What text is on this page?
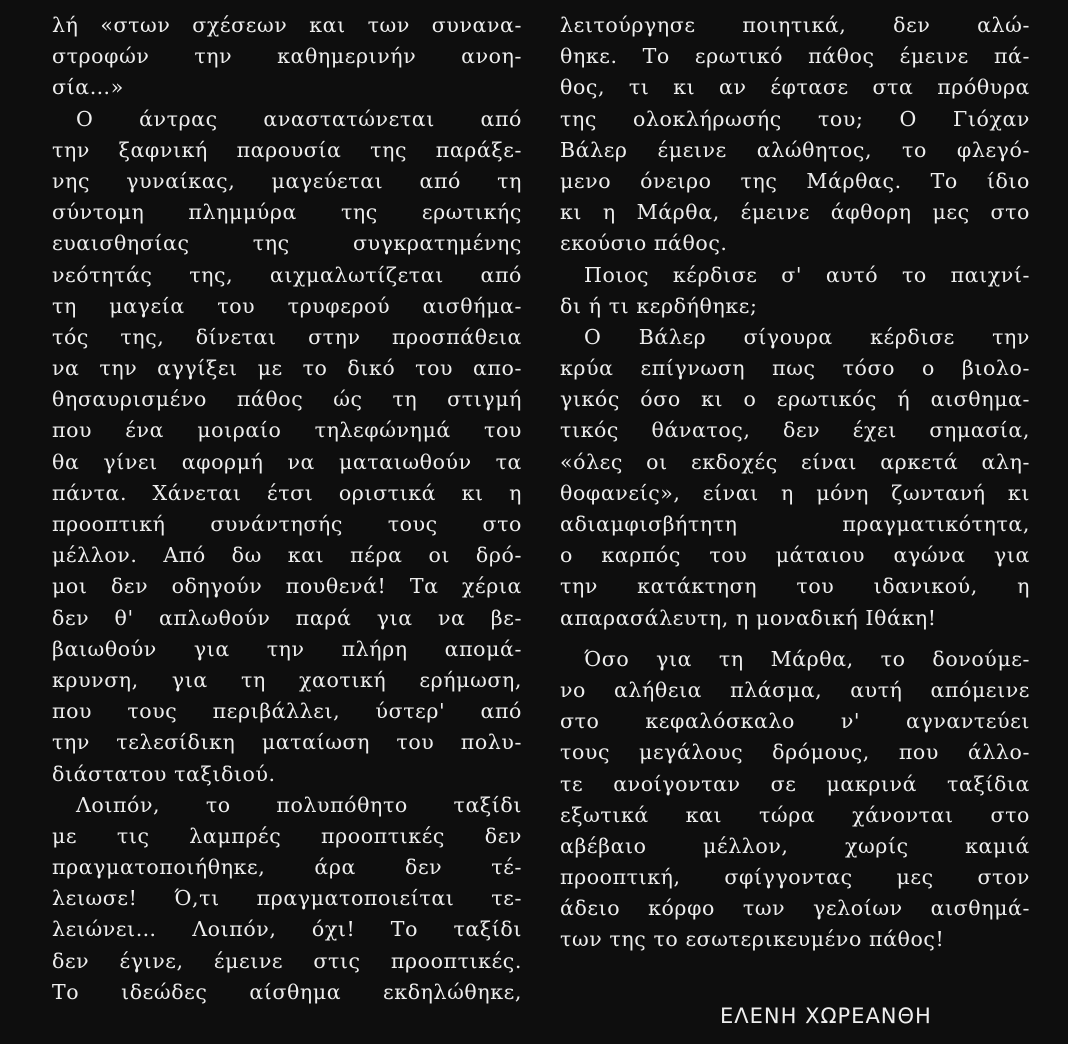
λή «στων σχέσεων και των συνανα-
στροφών την καθημερινήν ανοη-
σία…»
Ο άντρας αναστατώνεται από
την ξαφνική παρουσία της παράξε-
νης γυναίκας, μαγεύεται από τη
σύντομη πλημμύρα της ερωτικής
ευαισθησίας της συγκρατημένης
νεότητάς της, αιχμαλωτίζεται από
τη μαγεία του τρυφερού αισθήμα-
τός της, δίνεται στην προσπάθεια
να την αγγίξει με το δικό του απο-
θησαυρισμένο πάθος ώς τη στιγμή
που ένα μοιραίο τηλεφώνημά του
θα γίνει αφορμή να ματαιωθούν τα
πάντα. Χάνεται έτσι οριστικά κι η
προοπτική συνάντησής τους στο
μέλλον. Από δω και πέρα οι δρό-
μοι δεν οδηγούν πουθενά! Τα χέρια
δεν θ' απλωθούν παρά για να βε-
βαιωθούν για την πλήρη απομά-
κρυνση, για τη χαοτική ερήμωση,
που τους περιβάλλει, ύστερ' από
την τελεσίδικη ματαίωση του πολυ-
διάστατου ταξιδιού.
Λοιπόν, το πολυπόθητο ταξίδι
με τις λαμπρές προοπτικές δεν
πραγματοποιήθηκε, άρα δεν τέ-
λειωσε! Ό,τι πραγματοποιείται τε-
λειώνει… Λοιπόν, όχι! Το ταξίδι
δεν έγινε, έμεινε στις προοπτικές.
Το ιδεώδες αίσθημα εκδηλώθηκε,
λειτούργησε ποιητικά, δεν αλώ-
θηκε. Το ερωτικό πάθος έμεινε πά-
θος, τι κι αν έφτασε στα πρόθυρα
της ολοκλήρωσής του; Ο Γιόχαν
Βάλερ έμεινε αλώθητος, το φλεγό-
μενο όνειρο της Μάρθας. Το ίδιο
κι η Μάρθα, έμεινε άφθορη μες στο
εκούσιο πάθος.
Ποιος κέρδισε σ' αυτό το παιχνί-
δι ή τι κερδήθηκε;
Ο Βάλερ σίγουρα κέρδισε την
κρύα επίγνωση πως τόσο ο βιολο-
γικός όσο κι ο ερωτικός ή αισθημα-
τικός θάνατος, δεν έχει σημασία,
«όλες οι εκδοχές είναι αρκετά αλη-
θοφανείς», είναι η μόνη ζωντανή κι
αδιαμφισβήτητη πραγματικότητα,
ο καρπός του μάταιου αγώνα για
την κατάκτηση του ιδανικού, η
απαρασάλευτη, η μοναδική Ιθάκη!
Όσο για τη Μάρθα, το δονούμε-
νο αλήθεια πλάσμα, αυτή απόμεινε
στο κεφαλόσκαλο ν' αγναντεύει
τους μεγάλους δρόμους, που άλλο-
τε ανοίγονταν σε μακρινά ταξίδια
εξωτικά και τώρα χάνονται στο
αβέβαιο μέλλον, χωρίς καμιά
προοπτική, σφίγγοντας μες στον
άδειο κόρφο των γελοίων αισθημά-
των της το εσωτερικευμένο πάθος!
ΕΛΕΝΗ ΧΩΡΕΑΝΘΗ
